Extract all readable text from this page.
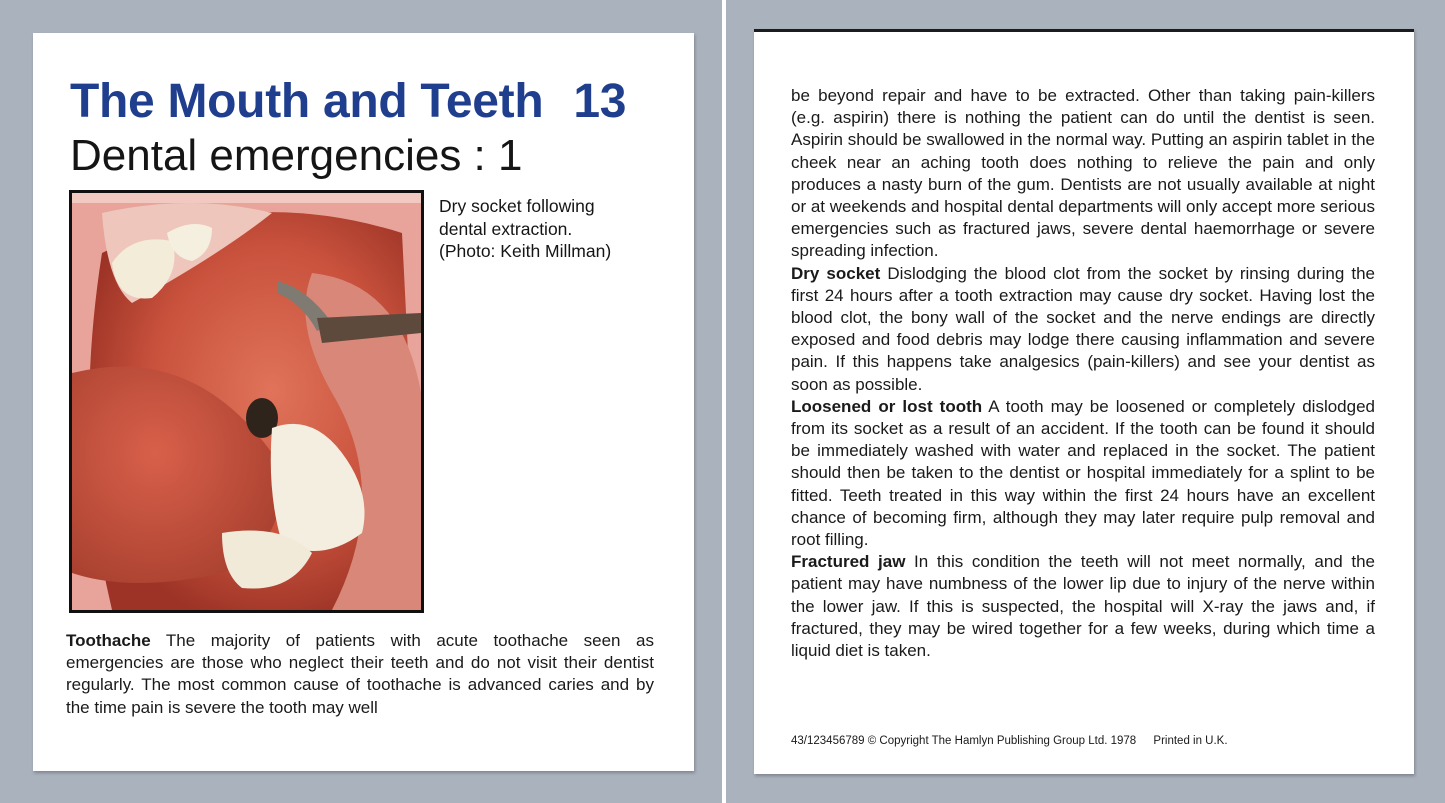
The Mouth and Teeth 13
Dental emergencies : 1
Dry socket following
dental extraction.
(Photo: Keith Millman)

Toothache The majority of patients with acute toothache seen as emergencies are those who neglect their teeth and do not visit their dentist regularly. The most common cause of toothache is advanced caries and by the time pain is severe the tooth may well

be beyond repair and have to be extracted. Other than taking pain-killers (e.g. aspirin) there is nothing the patient can do until the dentist is seen. Aspirin should be swallowed in the normal way. Putting an aspirin tablet in the cheek near an aching tooth does nothing to relieve the pain and only produces a nasty burn of the gum. Dentists are not usually available at night or at weekends and hospital dental departments will only accept more serious emergencies such as fractured jaws, severe dental haemorrhage or severe spreading infection.

Dry socket Dislodging the blood clot from the socket by rinsing during the first 24 hours after a tooth extraction may cause dry socket. Having lost the blood clot, the bony wall of the socket and the nerve endings are directly exposed and food debris may lodge there causing inflammation and severe pain. If this happens take analgesics (pain-killers) and see your dentist as soon as possible.

Loosened or lost tooth A tooth may be loosened or completely dislodged from its socket as a result of an accident. If the tooth can be found it should be immediately washed with water and replaced in the socket. The patient should then be taken to the dentist or hospital immediately for a splint to be fitted. Teeth treated in this way within the first 24 hours have an excellent chance of becoming firm, although they may later require pulp removal and root filling.

Fractured jaw In this condition the teeth will not meet normally, and the patient may have numbness of the lower lip due to injury of the nerve within the lower jaw. If this is suspected, the hospital will X-ray the jaws and, if fractured, they may be wired together for a few weeks, during which time a liquid diet is taken.

43/123456789 © Copyright The Hamlyn Publishing Group Ltd. 1978 Printed in U.K.
